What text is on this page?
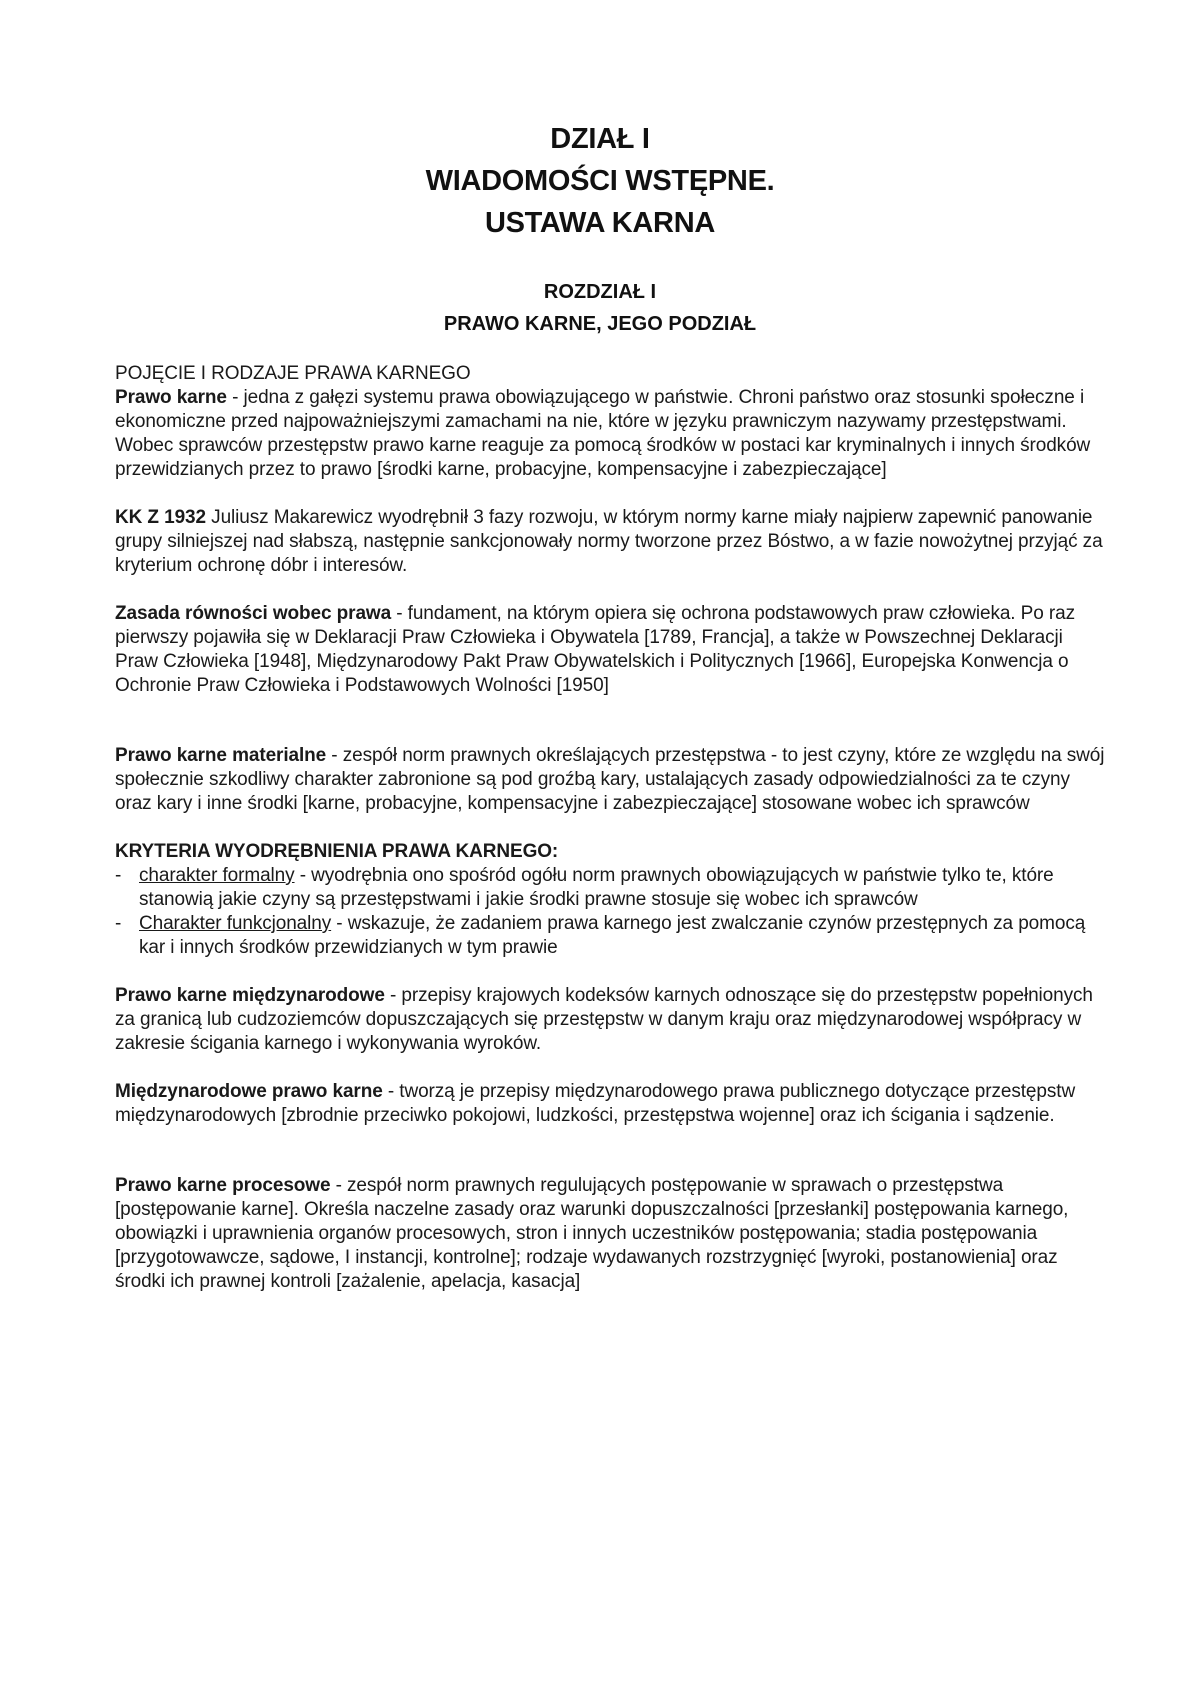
DZIAŁ I
WIADOMOŚCI WSTĘPNE.
USTAWA KARNA
ROZDZIAŁ I
PRAWO KARNE, JEGO PODZIAŁ

POJĘCIE I RODZAJE PRAWA KARNEGO

Prawo karne - jedna z gałęzi systemu prawa obowiązującego w państwie. Chroni państwo oraz stosunki społeczne i ekonomiczne przed najpoważniejszymi zamachami na nie, które w języku prawniczym nazywamy przestępstwami.

Wobec sprawców przestępstw prawo karne reaguje za pomocą środków w postaci kar kryminalnych i innych środków przewidzianych przez to prawo [środki karne, probacyjne, kompensacyjne i zabezpieczające]

KK Z 1932 Juliusz Makarewicz wyodrębnił 3 fazy rozwoju, w którym normy karne miały najpierw zapewnić panowanie grupy silniejszej nad słabszą, następnie sankcjonowały normy tworzone przez Bóstwo, a w fazie nowożytnej przyjąć za kryterium ochronę dóbr i interesów.

Zasada równości wobec prawa - fundament, na którym opiera się ochrona podstawowych praw człowieka. Po raz pierwszy pojawiła się w Deklaracji Praw Człowieka i Obywatela [1789, Francja], a także w Powszechnej Deklaracji Praw Człowieka [1948], Międzynarodowy Pakt Praw Obywatelskich i Politycznych [1966], Europejska Konwencja o Ochronie Praw Człowieka i Podstawowych Wolności [1950]

Prawo karne materialne - zespół norm prawnych określających przestępstwa - to jest czyny, które ze względu na swój społecznie szkodliwy charakter zabronione są pod groźbą kary, ustalających zasady odpowiedzialności za te czyny oraz kary i inne środki [karne, probacyjne, kompensacyjne i zabezpieczające] stosowane wobec ich sprawców

KRYTERIA WYODRĘBNIENIA PRAWA KARNEGO:

- charakter formalny - wyodrębnia ono spośród ogółu norm prawnych obowiązujących w państwie tylko te, które stanowią jakie czyny są przestępstwami i jakie środki prawne stosuje się wobec ich sprawców
- Charakter funkcjonalny - wskazuje, że zadaniem prawa karnego jest zwalczanie czynów przestępnych za pomocą kar i innych środków przewidzianych w tym prawie

Prawo karne międzynarodowe - przepisy krajowych kodeksów karnych odnoszące się do przestępstw popełnionych za granicą lub cudzoziemców dopuszczających się przestępstw w danym kraju oraz międzynarodowej współpracy w zakresie ścigania karnego i wykonywania wyroków.

Międzynarodowe prawo karne - tworzą je przepisy międzynarodowego prawa publicznego dotyczące przestępstw międzynarodowych [zbrodnie przeciwko pokojowi, ludzkości, przestępstwa wojenne] oraz ich ścigania i sądzenie.

Prawo karne procesowe - zespół norm prawnych regulujących postępowanie w sprawach o przestępstwa [postępowanie karne]. Określa naczelne zasady oraz warunki dopuszczalności [przesłanki] postępowania karnego, obowiązki i uprawnienia organów procesowych, stron i innych uczestników postępowania; stadia postępowania [przygotowawcze, sądowe, I instancji, kontrolne]; rodzaje wydawanych rozstrzygnięć [wyroki, postanowienia] oraz środki ich prawnej kontroli [zażalenie, apelacja, kasacja]
